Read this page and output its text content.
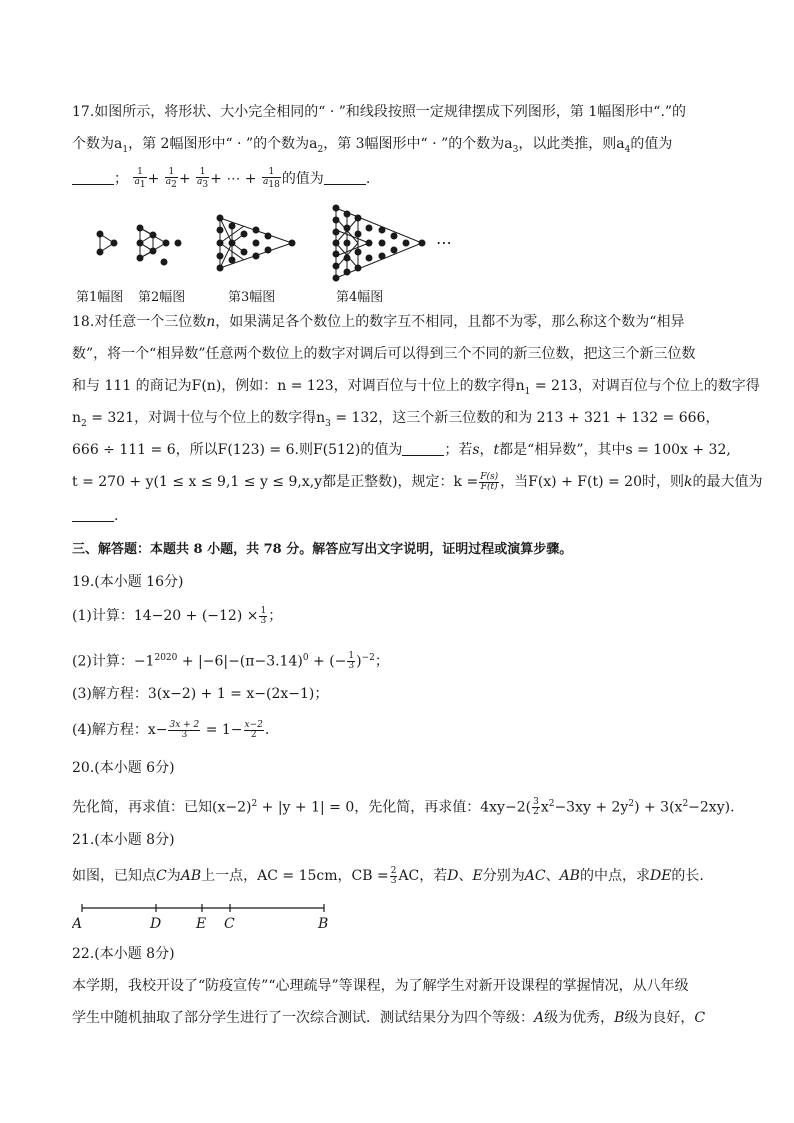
17.如图所示，将形状、大小完全相同的“ · ”和线段按照一定规律摆成下列图形，第 1幅图形中“.”的
个数为$a_1$，第 2幅图形中“ · ”的个数为$a_2$，第 3幅图形中“ · ”的个数为$a_3$，以此类推，则$a_4$的值为
； $\frac{1}{a_1} + \frac{1}{a_2} + \frac{1}{a_3}$ + ⋯ + $\frac{1}{a_{18}}$ 的值为	.
⋯
第1幅图 第2幅图	第3幅图	第4幅图
18.对任意一个三位数n，如果满足各个数位上的数字互不相同，且都不为零，那么称这个数为“相异
数”，将一个“相异数”任意两个数位上的数字对调后可以得到三个不同的新三位数，把这三个新三位数
和与 111 的商记为F(n)，例如：n = 123，对调百位与十位上的数字得$n_1 = 213$，对调百位与个位上的数字得
$n_2 = 321$，对调十位与个位上的数字得$n_3 = 132$，这三个新三位数的和为 213 + 321 + 132 = 666，
666 ÷ 111 = 6，所以F(123) = 6.则F(512)的值为	；若s，t都是“相异数”，其中s = 100x + 32,
t = 270 + y(1 ≤ x ≤ 9,1 ≤ y ≤ 9,x,y都是正整数)，规定：$k = \frac{F(s)}{F(t)}$ ，当F(x) + F(t) = 20时，则k的最大值为
.
三、解答题：本题共 8 小题，共 78 分。解答应写出文字说明，证明过程或演算步骤。
19.(本小题 16分)
(1)计算：$14-20 + (-12) \times \frac{1}{3}$ ；
(2)计算：$-1^{2020} + |-6|-(\pi-3.14)^0$ + (− $\frac{1}{3} )^{-2}$；
(3)解方程：3(x−2) + 1 = x−(2x−1)；
(4)解方程：$x- \frac{3x + 2}{3} = 1- \frac{x-2}{2}$ .
20.(本小题 6分)
先化简，再求值：已知$(x-2)^2 + |y + 1| = 0$，先化简，再求值：$4xy-2( \frac{3}{2} x^2-3xy + 2y^2) + 3(x^2-2xy)$.
21.(本小题 8分)
如图，已知点C为AB上一点，AC = 15cm，CB = $\frac{2}{3}$ AC，若D、E分别为AC、AB的中点，求DE的长.
A	D E C	B
22.(本小题 8分)
本学期，我校开设了“防疫宣传”“心理疏导”等课程，为了解学生对新开设课程的掌握情况，从八年级
学生中随机抽取了部分学生进行了一次综合测试．测试结果分为四个等级：A级为优秀，B级为良好，C
